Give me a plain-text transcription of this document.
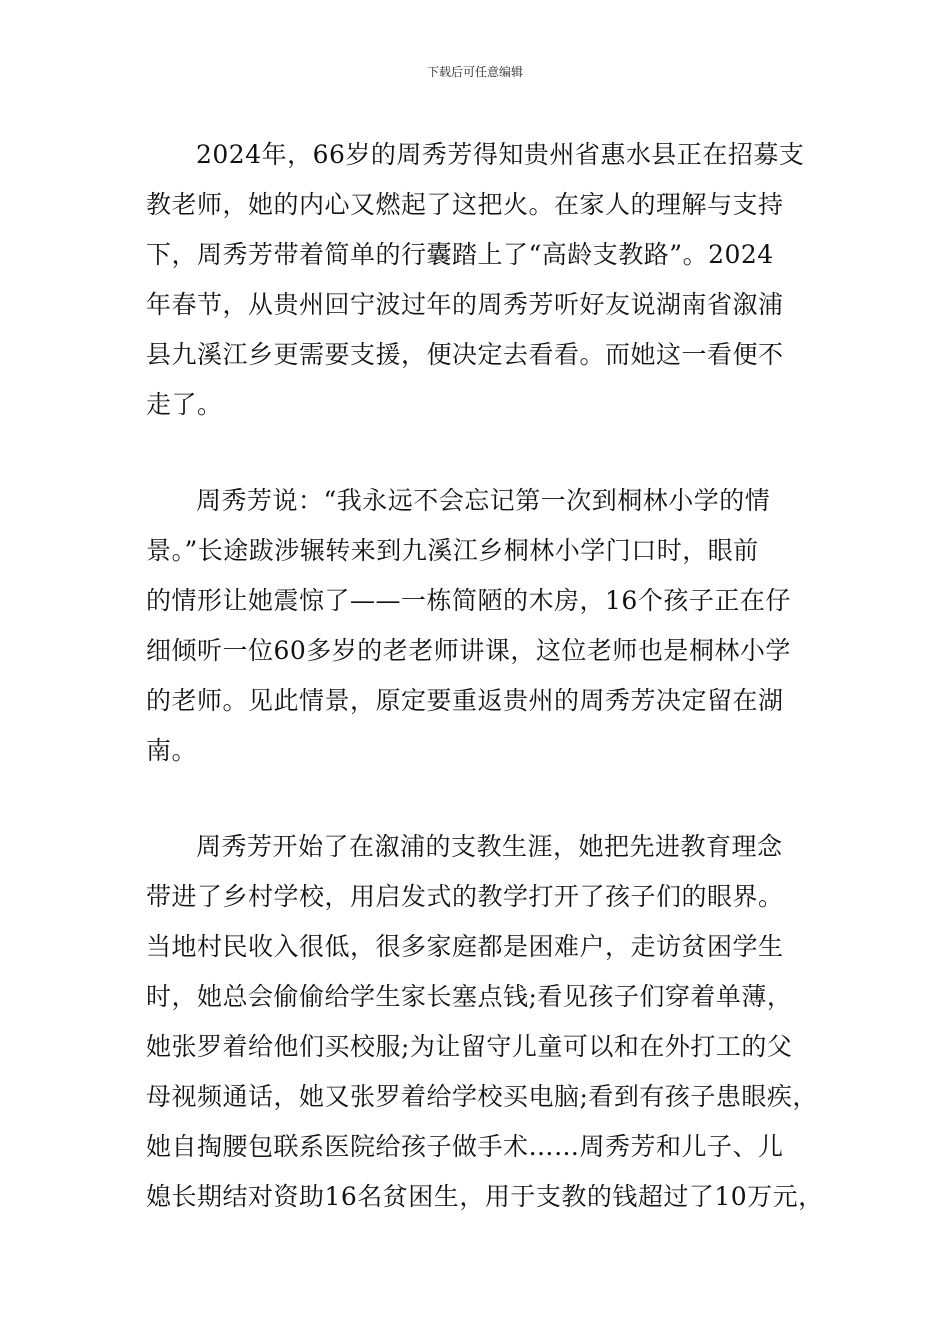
下载后可任意编辑
2024年，66岁的周秀芳得知贵州省惠水县正在招募支
教老师，她的内心又燃起了这把火。在家人的理解与支持
下，周秀芳带着简单的行囊踏上了“高龄支教路”。2024
年春节，从贵州回宁波过年的周秀芳听好友说湖南省溆浦
县九溪江乡更需要支援，便决定去看看。而她这一看便不
走了。
周秀芳说：“我永远不会忘记第一次到桐林小学的情
景。”长途跋涉辗转来到九溪江乡桐林小学门口时，眼前
的情形让她震惊了——一栋简陋的木房，16个孩子正在仔
细倾听一位60多岁的老老师讲课，这位老师也是桐林小学
的老师。见此情景，原定要重返贵州的周秀芳决定留在湖
南。
周秀芳开始了在溆浦的支教生涯，她把先进教育理念
带进了乡村学校，用启发式的教学打开了孩子们的眼界。
当地村民收入很低，很多家庭都是困难户，走访贫困学生
时，她总会偷偷给学生家长塞点钱;看见孩子们穿着单薄，
她张罗着给他们买校服;为让留守儿童可以和在外打工的父
母视频通话，她又张罗着给学校买电脑;看到有孩子患眼疾，
她自掏腰包联系医院给孩子做手术……周秀芳和儿子、儿
媳长期结对资助16名贫困生，用于支教的钱超过了10万元，
